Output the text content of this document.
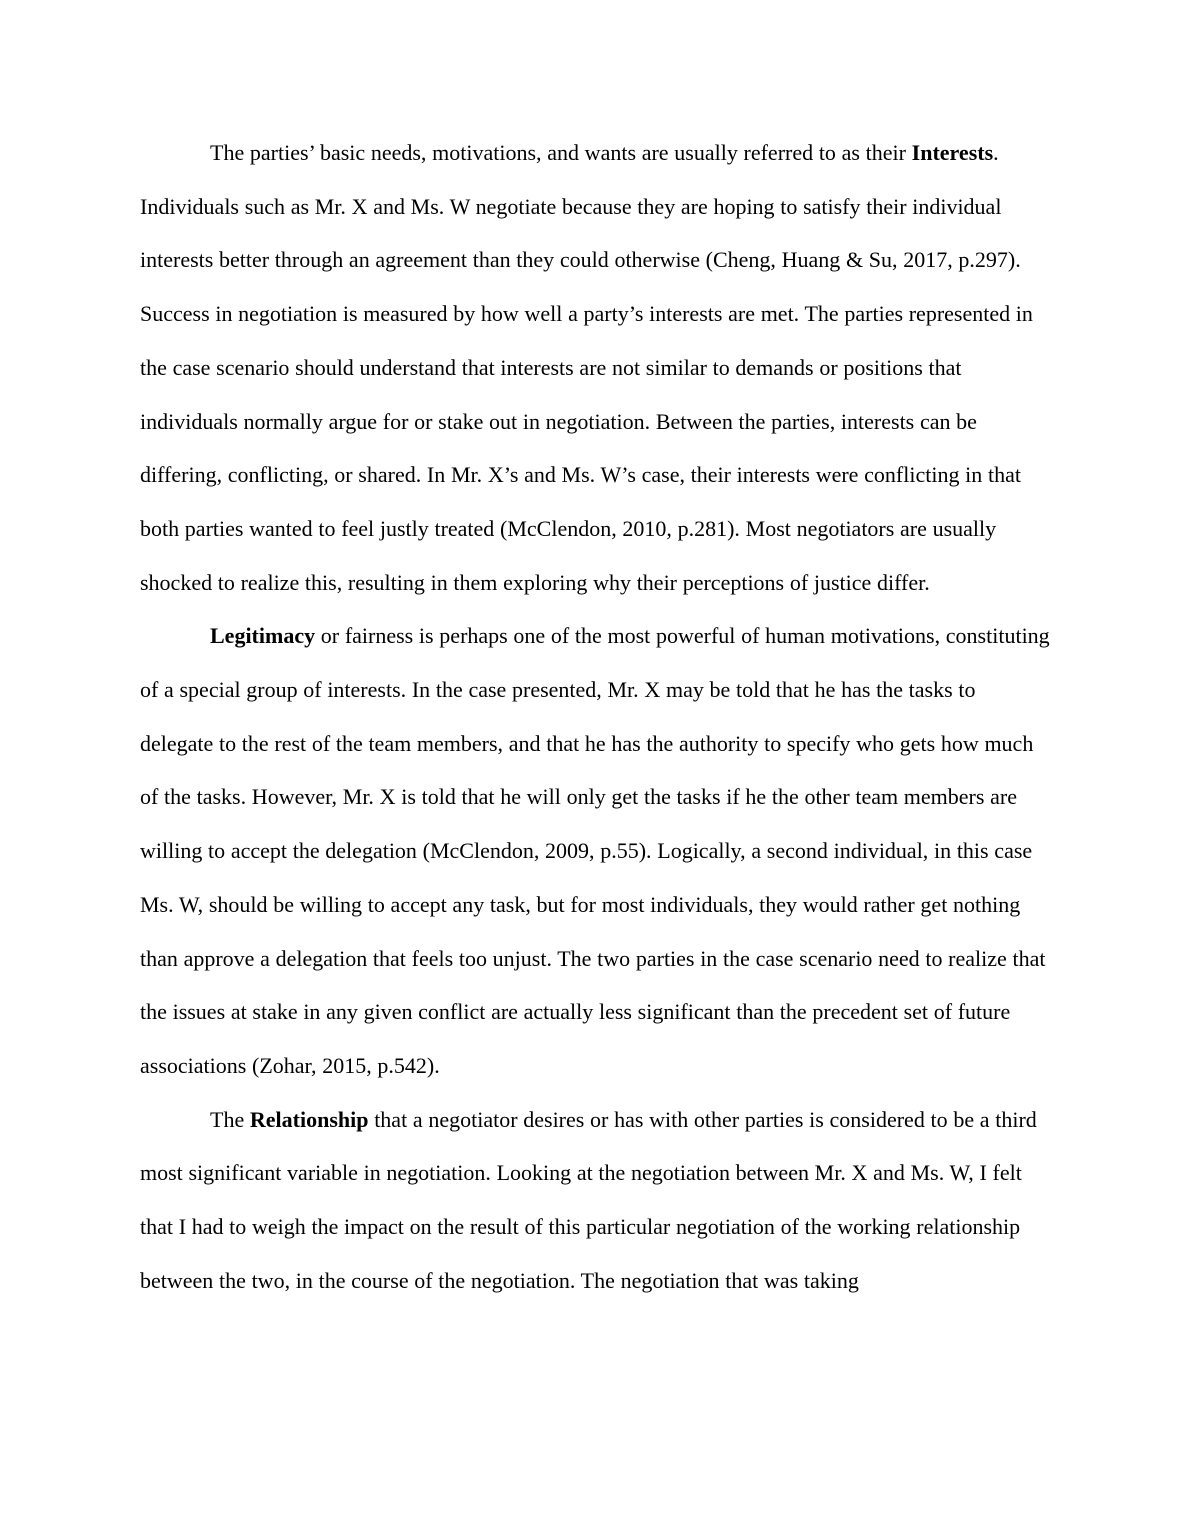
The parties’ basic needs, motivations, and wants are usually referred to as their Interests. Individuals such as Mr. X and Ms. W negotiate because they are hoping to satisfy their individual interests better through an agreement than they could otherwise (Cheng, Huang & Su, 2017, p.297). Success in negotiation is measured by how well a party’s interests are met. The parties represented in the case scenario should understand that interests are not similar to demands or positions that individuals normally argue for or stake out in negotiation. Between the parties, interests can be differing, conflicting, or shared. In Mr. X’s and Ms. W’s case, their interests were conflicting in that both parties wanted to feel justly treated (McClendon, 2010, p.281). Most negotiators are usually shocked to realize this, resulting in them exploring why their perceptions of justice differ.

Legitimacy or fairness is perhaps one of the most powerful of human motivations, constituting of a special group of interests. In the case presented, Mr. X may be told that he has the tasks to delegate to the rest of the team members, and that he has the authority to specify who gets how much of the tasks. However, Mr. X is told that he will only get the tasks if he the other team members are willing to accept the delegation (McClendon, 2009, p.55). Logically, a second individual, in this case Ms. W, should be willing to accept any task, but for most individuals, they would rather get nothing than approve a delegation that feels too unjust. The two parties in the case scenario need to realize that the issues at stake in any given conflict are actually less significant than the precedent set of future associations (Zohar, 2015, p.542).

The Relationship that a negotiator desires or has with other parties is considered to be a third most significant variable in negotiation. Looking at the negotiation between Mr. X and Ms. W, I felt that I had to weigh the impact on the result of this particular negotiation of the working relationship between the two, in the course of the negotiation. The negotiation that was taking
